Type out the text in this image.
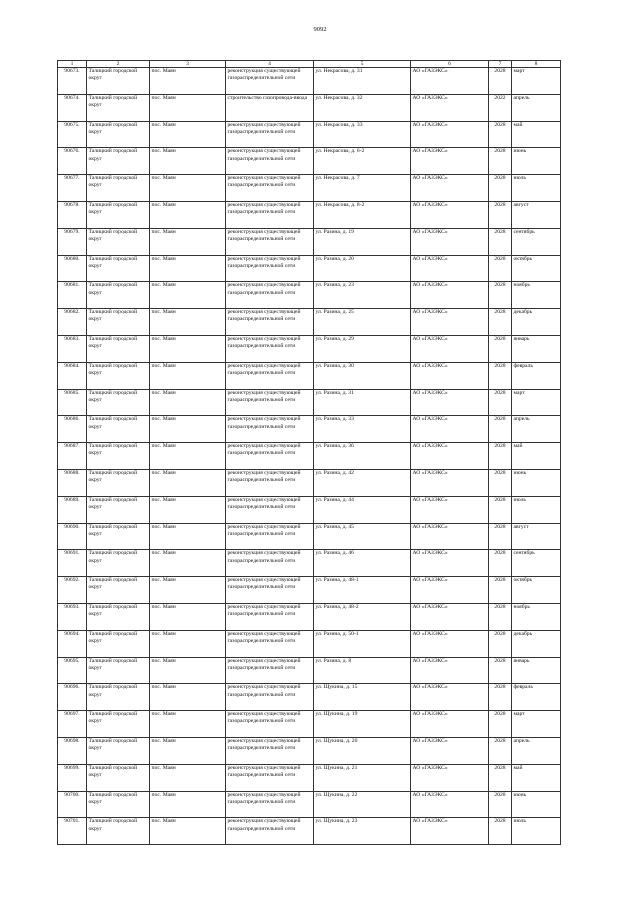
9092
1	2	3	4	5	6	7	8
90673.	Талицкий городской округ	пос. Маян	реконструкция существующей газораспределительной сети	ул. Некрасова, д. 31	АО «ГАЗЭКС»	2028	март
90674.	Талицкий городской округ	пос. Маян	строительство газопровода-ввода	ул. Некрасова, д. 32	АО «ГАЗЭКС»	2022	апрель
90675.	Талицкий городской округ	пос. Маян	реконструкция существующей газораспределительной сети	ул. Некрасова, д. 33	АО «ГАЗЭКС»	2028	май
90676.	Талицкий городской округ	пос. Маян	реконструкция существующей газораспределительной сети	ул. Некрасова, д. 6-2	АО «ГАЗЭКС»	2028	июнь
90677.	Талицкий городской округ	пос. Маян	реконструкция существующей газораспределительной сети	ул. Некрасова, д. 7	АО «ГАЗЭКС»	2028	июль
90678.	Талицкий городской округ	пос. Маян	реконструкция существующей газораспределительной сети	ул. Некрасова, д. 8-2	АО «ГАЗЭКС»	2028	август
90679.	Талицкий городской округ	пос. Маян	реконструкция существующей газораспределительной сети	ул. Разина, д. 19	АО «ГАЗЭКС»	2028	сентябрь
90680.	Талицкий городской округ	пос. Маян	реконструкция существующей газораспределительной сети	ул. Разина, д. 20	АО «ГАЗЭКС»	2028	октябрь
90681.	Талицкий городской округ	пос. Маян	реконструкция существующей газораспределительной сети	ул. Разина, д. 23	АО «ГАЗЭКС»	2028	ноябрь
90682.	Талицкий городской округ	пос. Маян	реконструкция существующей газораспределительной сети	ул. Разина, д. 25	АО «ГАЗЭКС»	2028	декабрь
90683.	Талицкий городской округ	пос. Маян	реконструкция существующей газораспределительной сети	ул. Разина, д. 29	АО «ГАЗЭКС»	2028	январь
90684.	Талицкий городской округ	пос. Маян	реконструкция существующей газораспределительной сети	ул. Разина, д. 30	АО «ГАЗЭКС»	2028	февраль
90685.	Талицкий городской округ	пос. Маян	реконструкция существующей газораспределительной сети	ул. Разина, д. 31	АО «ГАЗЭКС»	2028	март
90686.	Талицкий городской округ	пос. Маян	реконструкция существующей газораспределительной сети	ул. Разина, д. 33	АО «ГАЗЭКС»	2028	апрель
90687.	Талицкий городской округ	пос. Маян	реконструкция существующей газораспределительной сети	ул. Разина, д. 36	АО «ГАЗЭКС»	2028	май
90688.	Талицкий городской округ	пос. Маян	реконструкция существующей газораспределительной сети	ул. Разина, д. 42	АО «ГАЗЭКС»	2028	июнь
90689.	Талицкий городской округ	пос. Маян	реконструкция существующей газораспределительной сети	ул. Разина, д. 44	АО «ГАЗЭКС»	2028	июль
90690.	Талицкий городской округ	пос. Маян	реконструкция существующей газораспределительной сети	ул. Разина, д. 45	АО «ГАЗЭКС»	2028	август
90691.	Талицкий городской округ	пос. Маян	реконструкция существующей газораспределительной сети	ул. Разина, д. 46	АО «ГАЗЭКС»	2028	сентябрь
90692.	Талицкий городской округ	пос. Маян	реконструкция существующей газораспределительной сети	ул. Разина, д. 48-1	АО «ГАЗЭКС»	2028	октябрь
90693.	Талицкий городской округ	пос. Маян	реконструкция существующей газораспределительной сети	ул. Разина, д. 48-2	АО «ГАЗЭКС»	2028	ноябрь
90694.	Талицкий городской округ	пос. Маян	реконструкция существующей газораспределительной сети	ул. Разина, д. 50-1	АО «ГАЗЭКС»	2028	декабрь
90695.	Талицкий городской округ	пос. Маян	реконструкция существующей газораспределительной сети	ул. Разина, д. 8	АО «ГАЗЭКС»	2028	январь
90696.	Талицкий городской округ	пос. Маян	реконструкция существующей газораспределительной сети	ул. Щукина, д. 15	АО «ГАЗЭКС»	2028	февраль
90697.	Талицкий городской округ	пос. Маян	реконструкция существующей газораспределительной сети	ул. Щукина, д. 19	АО «ГАЗЭКС»	2028	март
90698.	Талицкий городской округ	пос. Маян	реконструкция существующей газораспределительной сети	ул. Щукина, д. 20	АО «ГАЗЭКС»	2028	апрель
90699.	Талицкий городской округ	пос. Маян	реконструкция существующей газораспределительной сети	ул. Щукина, д. 21	АО «ГАЗЭКС»	2028	май
90700.	Талицкий городской округ	пос. Маян	реконструкция существующей газораспределительной сети	ул. Щукина, д. 22	АО «ГАЗЭКС»	2028	июнь
90701.	Талицкий городской округ	пос. Маян	реконструкция существующей газораспределительной сети	ул. Щукина, д. 23	АО «ГАЗЭКС»	2028	июль
